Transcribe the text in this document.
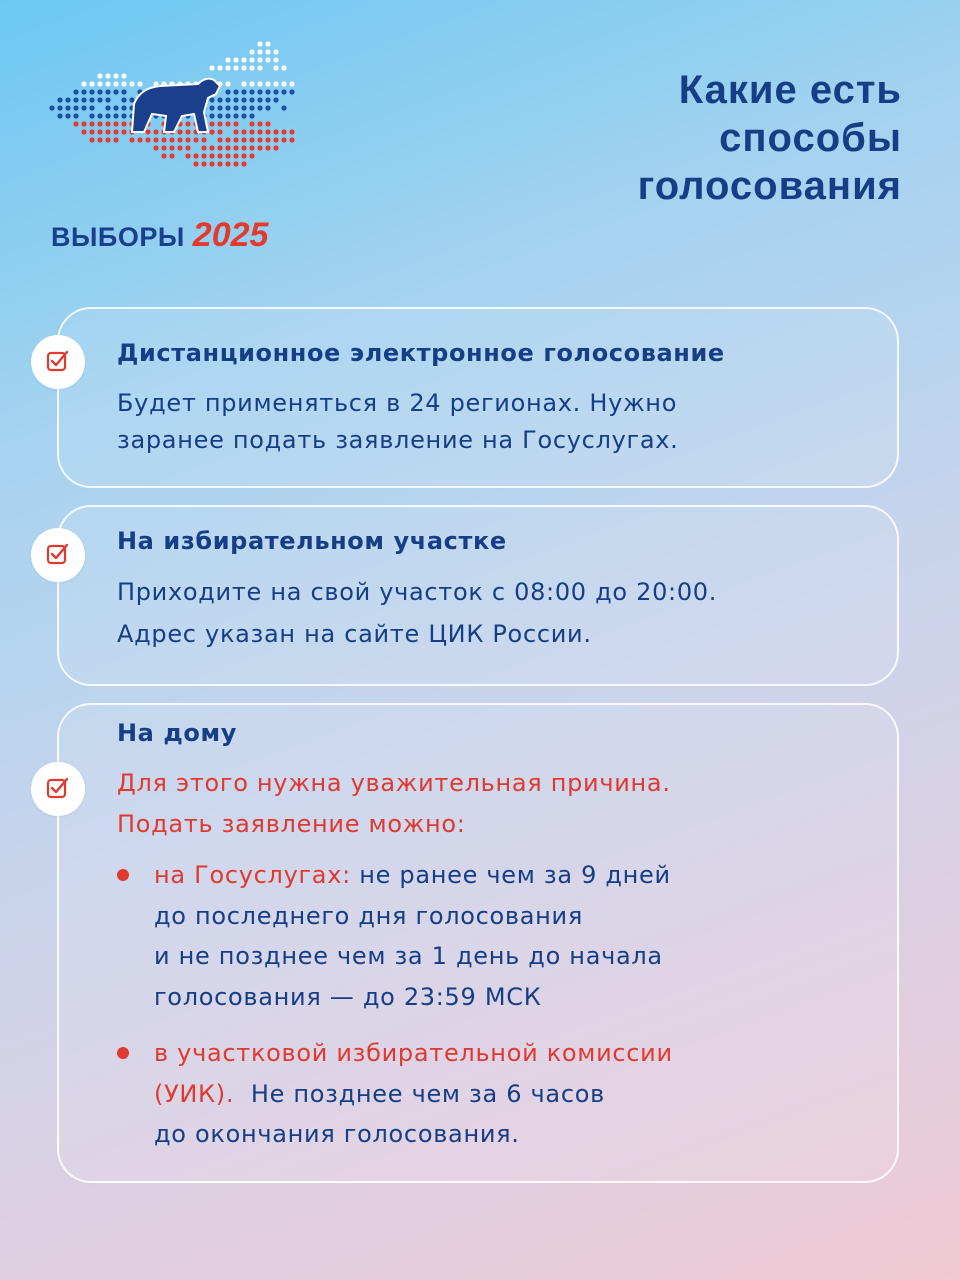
ВЫБОРЫ 2025
Какие есть
способы
голосования
Дистанционное электронное голосование
Будет применяться в 24 регионах. Нужно
заранее подать заявление на Госуслугах.
На избирательном участке
Приходите на свой участок с 08:00 до 20:00.
Адрес указан на сайте ЦИК России.
На дому
Для этого нужна уважительная причина.
Подать заявление можно:
на Госуслугах: не ранее чем за 9 дней
до последнего дня голосования
и не позднее чем за 1 день до начала
голосования — до 23:59 МСК
в участковой избирательной комиссии
(УИК).  Не позднее чем за 6 часов
до окончания голосования.
